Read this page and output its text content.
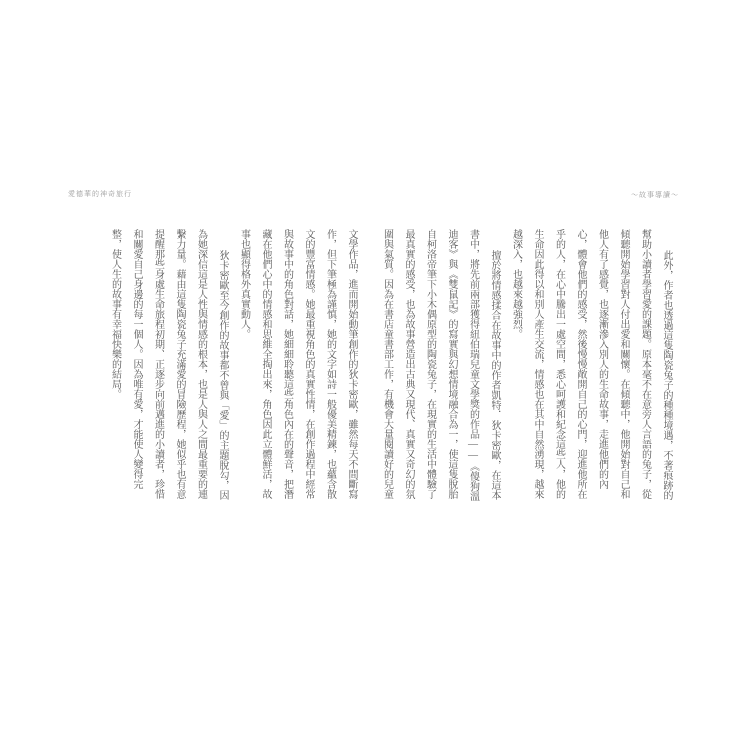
愛德華的神奇旅行	〜故事導讀〜
此外，作者也透過這隻陶瓷兔子的種種境遇，不著痕跡的
幫助小讀者學習愛的課題。原本毫不在意旁人言語的兔子，從
傾聽開始學習對人付出愛和關懷。在傾聽中，他開始對自己和
他人有了感覺，也逐漸滲入別人的生命故事，走進他們的內
心，體會他們的感受，然後慢慢敞開自己的心門，迎進他所在
乎的人，在心中騰出一處空間，悉心呵護和紀念這些人，他的
生命因此得以和別人產生交流，情感也在其中自然湧現，越來
越深入，也越來越強烈。
擅於將情感揉合在故事中的作者凱特．狄卡密歐，在這本
書中，將先前兩部獲得紐伯瑞兒童文學獎的作品——《傻狗溫
迪客》與《雙鼠記》的寫實與幻想情境融合為一，使這隻脫胎
自柯洛帝筆下小木偶原型的陶瓷兔子，在現實的生活中體驗了
最真實的感受，也為故事營造出古典又現代、真實又奇幻的氛
圍與氣質。因為在書店童書部工作，有機會大量閱讀好的兒童
文學作品，進而開始動筆創作的狄卡密歐，雖然每天不間斷寫
作，但下筆極為謹慎，她的文字如詩一般優美精鍊，也蘊含散
文的豐富情感。她最重視角色的真實性情，在創作過程中經常
與故事中的角色對話，她細細聆聽這些角色內在的聲音，把潛
藏在他們心中的情感和思維全掏出來，角色因此立體鮮活，故
事也顯得格外真實動人。
狄卡密歐至今創作的故事都不曾與「愛」的主題脫勾，因
為她深信這是人性與情感的根本，也是人與人之間最重要的連
繫力量。藉由這隻陶瓷兔子充滿愛的冒險歷程，她似乎也有意
提醒那些身處生命旅程初期、正逐步向前邁進的小讀者，珍惜
和關愛自己身邊的每一個人。因為唯有愛，才能使人變得完
整，使人生的故事有幸福快樂的結局。
